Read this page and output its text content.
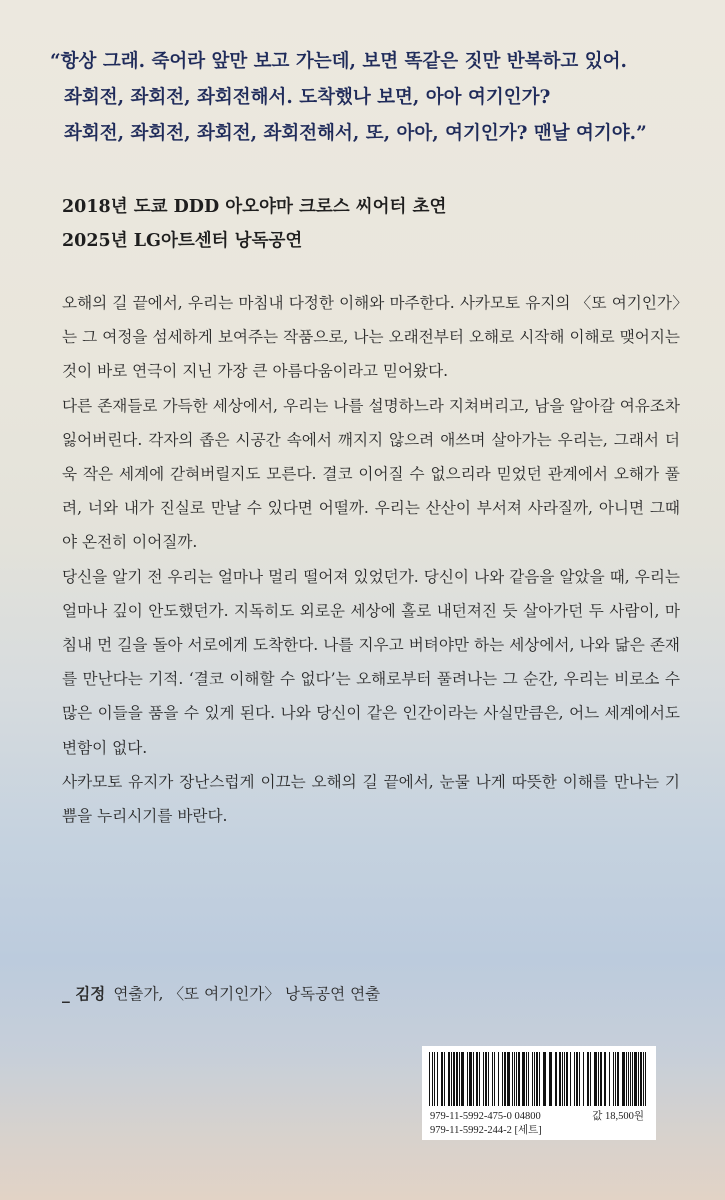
“항상 그래. 죽어라 앞만 보고 가는데, 보면 똑같은 짓만 반복하고 있어.

좌회전, 좌회전, 좌회전해서. 도착했나 보면, 아아 여기인가?

좌회전, 좌회전, 좌회전, 좌회전해서, 또, 아아, 여기인가? 맨날 여기야.”

2018년 도쿄 DDD 아오야마 크로스 씨어터 초연

2025년 LG아트센터 낭독공연

오해의 길 끝에서, 우리는 마침내 다정한 이해와 마주한다. 사카모토 유지의 〈또 여기인가〉는 그 여정을 섬세하게 보여주는 작품으로, 나는 오래전부터 오해로 시작해 이해로 맺어지는 것이 바로 연극이 지닌 가장 큰 아름다움이라고 믿어왔다.

다른 존재들로 가득한 세상에서, 우리는 나를 설명하느라 지쳐버리고, 남을 알아갈 여유조차 잃어버린다. 각자의 좁은 시공간 속에서 깨지지 않으려 애쓰며 살아가는 우리는, 그래서 더욱 작은 세계에 갇혀버릴지도 모른다. 결코 이어질 수 없으리라 믿었던 관계에서 오해가 풀려, 너와 내가 진실로 만날 수 있다면 어떨까. 우리는 산산이 부서져 사라질까, 아니면 그때야 온전히 이어질까.

당신을 알기 전 우리는 얼마나 멀리 떨어져 있었던가. 당신이 나와 같음을 알았을 때, 우리는 얼마나 깊이 안도했던가. 지독히도 외로운 세상에 홀로 내던져진 듯 살아가던 두 사람이, 마침내 먼 길을 돌아 서로에게 도착한다. 나를 지우고 버텨야만 하는 세상에서, 나와 닮은 존재를 만난다는 기적. ‘결코 이해할 수 없다’는 오해로부터 풀려나는 그 순간, 우리는 비로소 수많은 이들을 품을 수 있게 된다. 나와 당신이 같은 인간이라는 사실만큼은, 어느 세계에서도 변함이 없다.

사카모토 유지가 장난스럽게 이끄는 오해의 길 끝에서, 눈물 나게 따뜻한 이해를 만나는 기쁨을 누리시기를 바란다.

_ 김정 연출가, 〈또 여기인가〉 낭독공연 연출
979-11-5992-475-0 04800	값 18,500원
979-11-5992-244-2 [세트]
